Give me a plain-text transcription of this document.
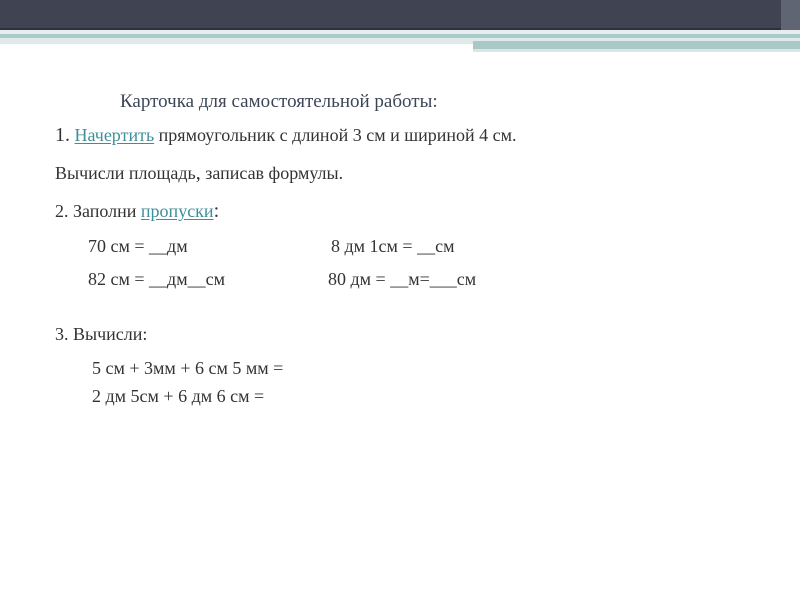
Карточка для самостоятельной работы:
1. Начертить прямоугольник с длиной 3 см и шириной 4 см.
Вычисли площадь, записав формулы.
2. Заполни пропуски:
70 см = __дм	8 дм 1см = __см
82 см = __дм__см	80 дм = __м=___см
3. Вычисли:
5 см + 3мм + 6 см 5 мм =
2 дм 5см + 6 дм 6 см =
